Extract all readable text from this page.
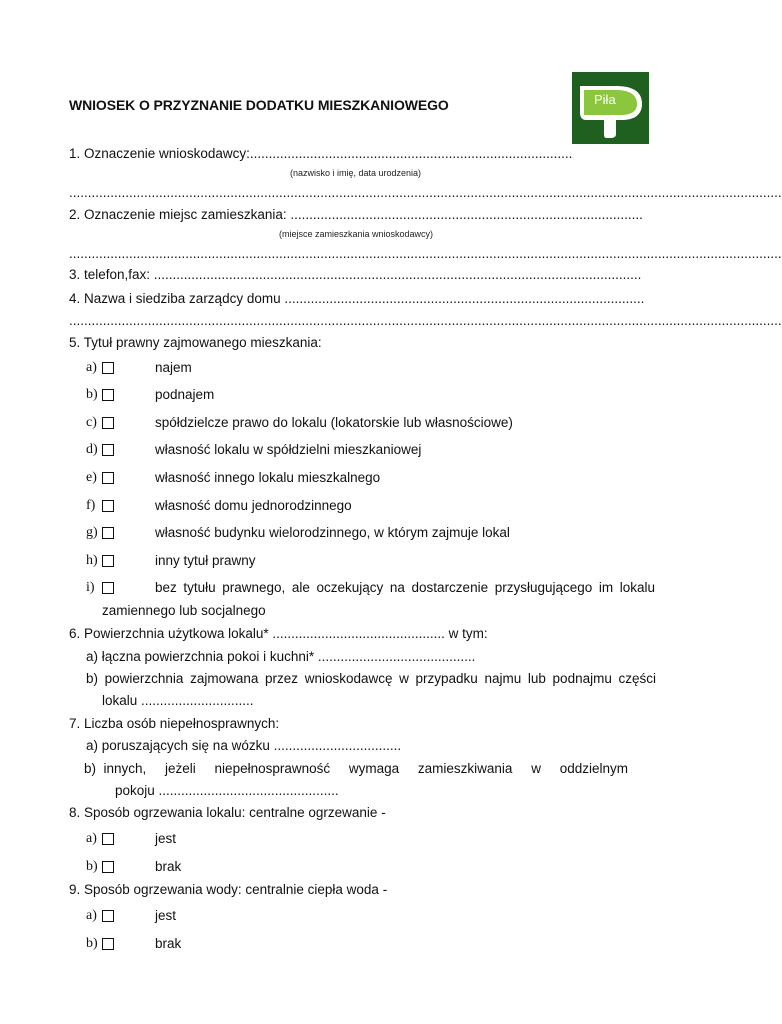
Piła
WNIOSEK O PRZYZNANIE DODATKU MIESZKANIOWEGO
1. Oznaczenie wnioskodawcy:......................................................................................
(nazwisko i imię, data urodzenia)
..............................................................................................................................................................................................
2. Oznaczenie miejsc zamieszkania: ..............................................................................................
(miejsce zamieszkania wnioskodawcy)
..............................................................................................................................................................................................
3. telefon,fax: ..................................................................................................................................
4. Nazwa i siedziba zarządcy domu ................................................................................................
..............................................................................................................................................................................................
5. Tytuł prawny zajmowanego mieszkania:
a)	najem
b)	podnajem
c)	spółdzielcze prawo do lokalu (lokatorskie lub własnościowe)
d)	własność lokalu w spółdzielni mieszkaniowej
e)	własność innego lokalu mieszkalnego
f)	własność domu jednorodzinnego
g)	własność budynku wielorodzinnego, w którym zajmuje lokal
h)	inny tytuł prawny
i)	bez tytułu prawnego, ale oczekujący na dostarczenie przysługującego im lokalu
zamiennego lub socjalnego
6. Powierzchnia użytkowa lokalu* .............................................. w tym:
a) łączna powierzchnia pokoi i kuchni* ..........................................
b) powierzchnia zajmowana przez wnioskodawcę w przypadku najmu lub podnajmu części
lokalu ..............................
7. Liczba osób niepełnosprawnych:
a) poruszających się na wózku ..................................
b)  innych,     jeżeli     niepełnosprawność     wymaga     zamieszkiwania     w     oddzielnym
pokoju ................................................
8. Sposób ogrzewania lokalu: centralne ogrzewanie -
a)	jest
b)	brak
9. Sposób ogrzewania wody: centralnie ciepła woda -
a)	jest
b)	brak
